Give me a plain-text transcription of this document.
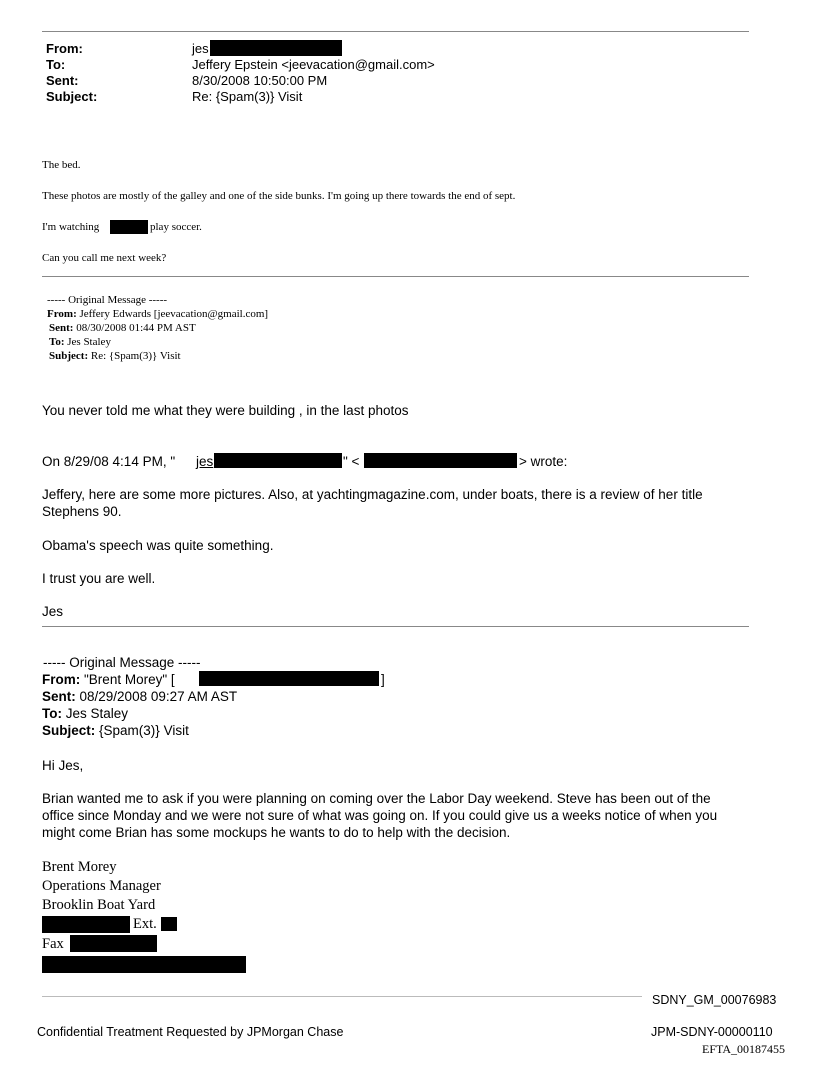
From:	jes
To:	Jeffery Epstein <jeevacation@gmail.com>
Sent:	8/30/2008 10:50:00 PM
Subject:	Re: {Spam(3)} Visit
The bed.
These photos are mostly of the galley and one of the side bunks. I'm going up there towards the end of sept.
I'm watching	play soccer.
Can you call me next week?
----- Original Message -----
From: Jeffery Edwards [jeevacation@gmail.com]
Sent: 08/30/2008 01:44 PM AST
To: Jes Staley
Subject: Re: {Spam(3)} Visit
You never told me what they were building , in the last photos
On 8/29/08 4:14 PM, " jes	" <	> wrote:
Jeffery, here are some more pictures. Also, at yachtingmagazine.com, under boats, there is a review of her title
Stephens 90.
Obama's speech was quite something.
I trust you are well.
Jes
----- Original Message -----
From: "Brent Morey" [	]
Sent: 08/29/2008 09:27 AM AST
To: Jes Staley
Subject: {Spam(3)} Visit
Hi Jes,
Brian wanted me to ask if you were planning on coming over the Labor Day weekend. Steve has been out of the
office since Monday and we were not sure of what was going on. If you could give us a weeks notice of when you
might come Brian has some mockups he wants to do to help with the decision.
Brent Morey
Operations Manager
Brooklin Boat Yard
Ext.
Fax
SDNY_GM_00076983
Confidential Treatment Requested by JPMorgan Chase	JPM-SDNY-00000110
EFTA_00187455
